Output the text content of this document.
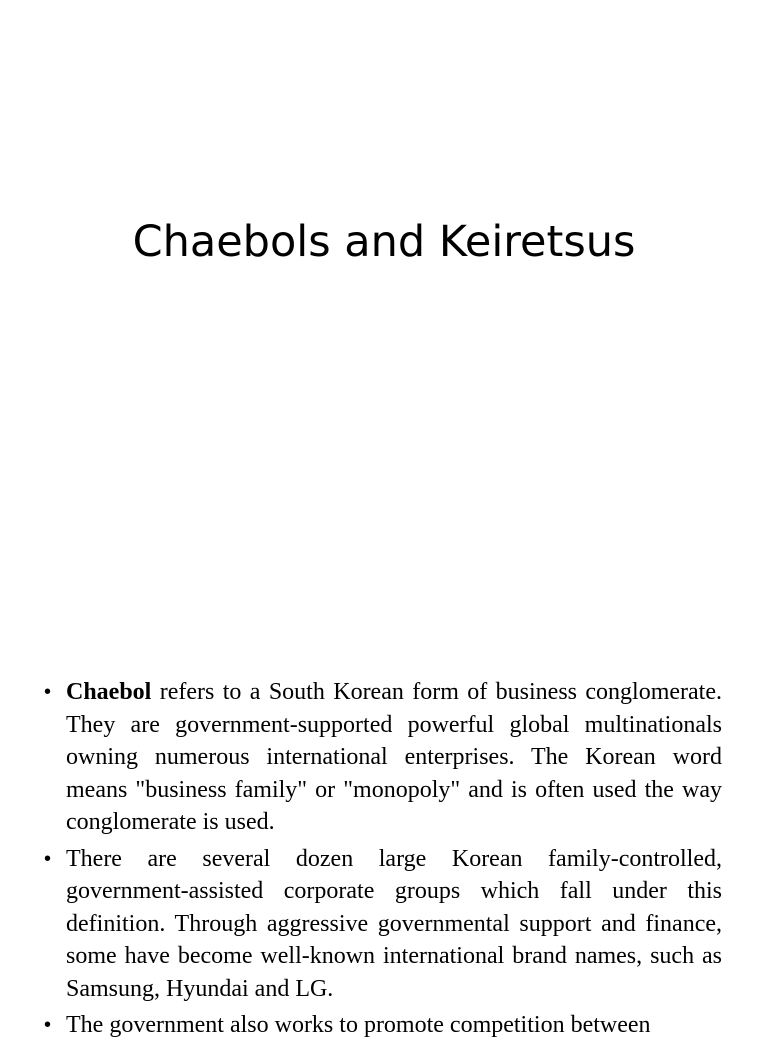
Chaebols and Keiretsus
• Chaebol refers to a South Korean form of business conglomerate. They are government-supported powerful global multinationals owning numerous international enterprises. The Korean word means "business family" or "monopoly" and is often used the way conglomerate is used.
• There are several dozen large Korean family-controlled, government-assisted corporate groups which fall under this definition. Through aggressive governmental support and finance, some have become well-known international brand names, such as Samsung, Hyundai and LG.
• The government also works to promote competition between
